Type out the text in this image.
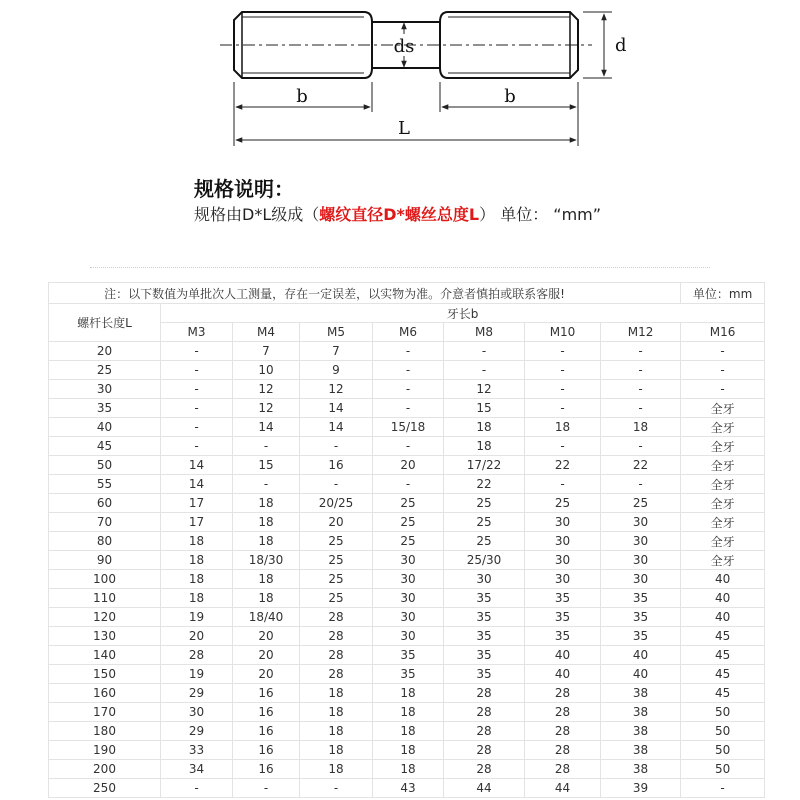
ds	d
b	b
L
规格说明：
规格由D*L级成（螺纹直径D*螺丝总度L） 单位： “mm”
注：以下数值为单批次人工测量，存在一定误差，以实物为准。介意者慎拍或联系客服!								单位：mm
螺杆长度L	牙长b							
	M3	M4	M5	M6	M8	M10	M12	M16
20	-	7	7	-	-	-	-	-
25	-	10	9	-	-	-	-	-
30	-	12	12	-	12	-	-	-
35	-	12	14	-	15	-	-	全牙
40	-	14	14	15/18	18	18	18	全牙
45	-	-	-	-	18	-	-	全牙
50	14	15	16	20	17/22	22	22	全牙
55	14	-	-	-	22	-	-	全牙
60	17	18	20/25	25	25	25	25	全牙
70	17	18	20	25	25	30	30	全牙
80	18	18	25	25	25	30	30	全牙
90	18	18/30	25	30	25/30	30	30	全牙
100	18	18	25	30	30	30	30	40
110	18	18	25	30	35	35	35	40
120	19	18/40	28	30	35	35	35	40
130	20	20	28	30	35	35	35	45
140	28	20	28	35	35	40	40	45
150	19	20	28	35	35	40	40	45
160	29	16	18	18	28	28	38	45
170	30	16	18	18	28	28	38	50
180	29	16	18	18	28	28	38	50
190	33	16	18	18	28	28	38	50
200	34	16	18	18	28	28	38	50
250	-	-	-	43	44	44	39	-
